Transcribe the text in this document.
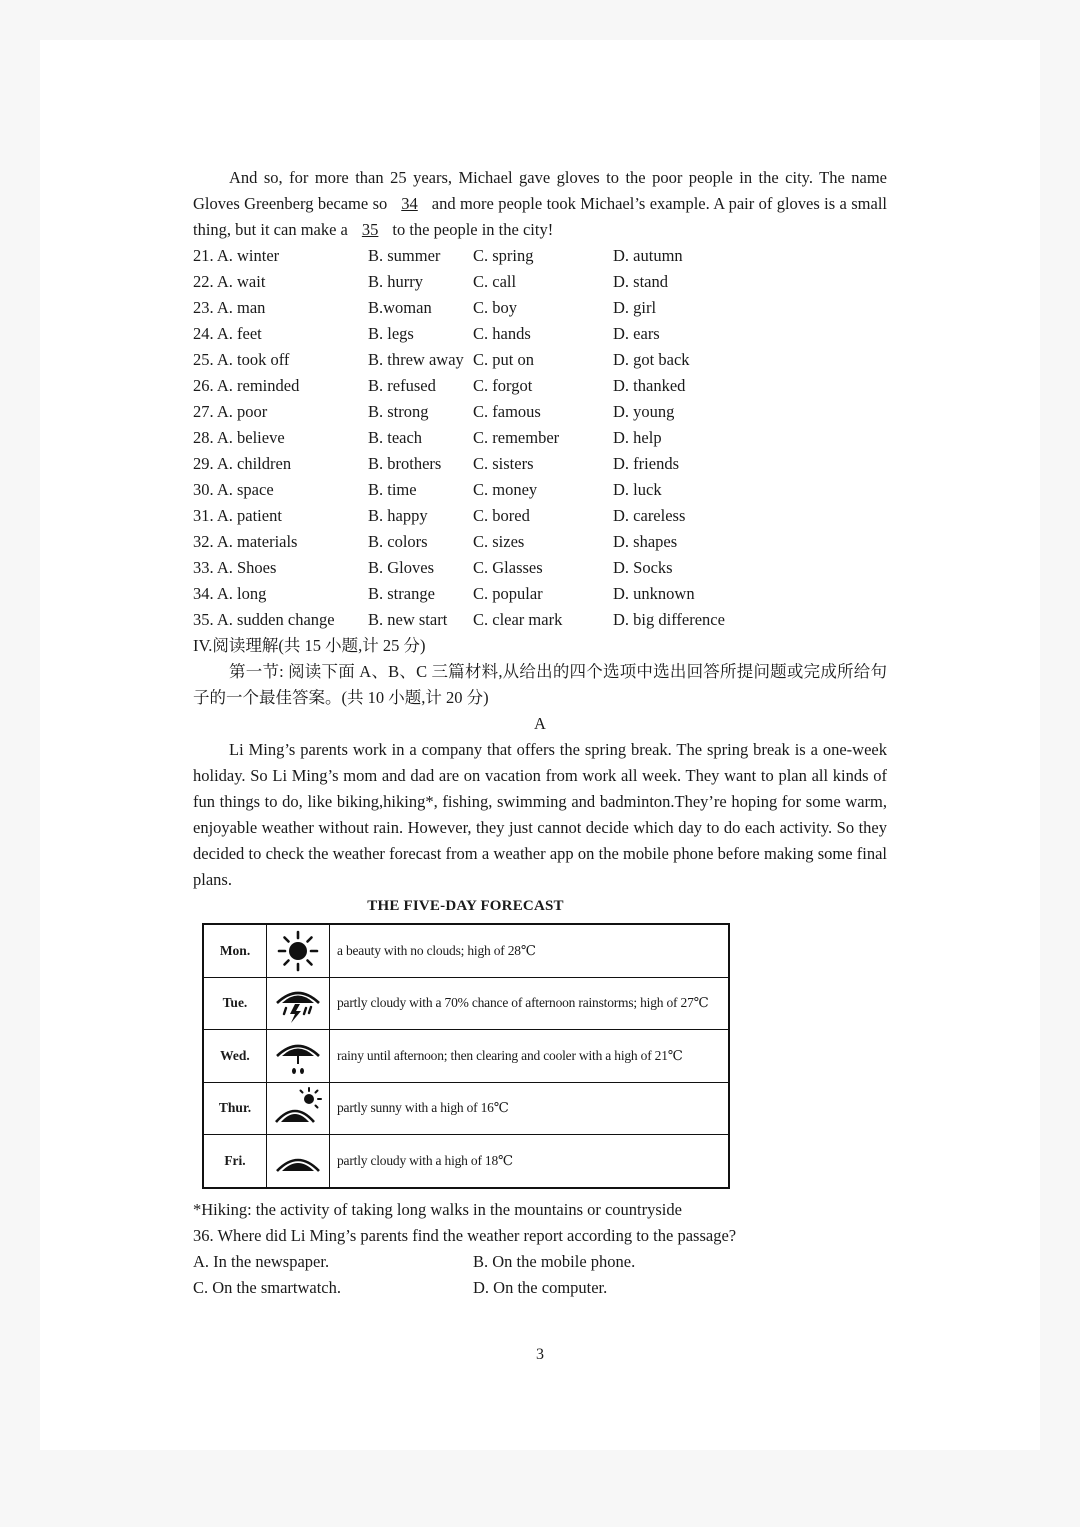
And so, for more than 25 years, Michael gave gloves to the poor people in the city. The name Gloves Greenberg became so 34 and more people took Michael’s example. A pair of gloves is a small thing, but it can make a 35 to the people in the city!

21. A. winter	B. summer	C. spring	D. autumn
22. A. wait	B. hurry	C. call	D. stand
23. A. man	B.woman	C. boy	D. girl
24. A. feet	B. legs	C. hands	D. ears
25. A. took off	B. threw away C. put on	D. got back
26. A. reminded	B. refused	C. forgot	D. thanked
27. A. poor	B. strong	C. famous	D. young
28. A. believe	B. teach	C. remember	D. help
29. A. children	B. brothers	C. sisters	D. friends
30. A. space	B. time	C. money	D. luck
31. A. patient	B. happy	C. bored	D. careless
32. A. materials	B. colors	C. sizes	D. shapes
33. A. Shoes	B. Gloves	C. Glasses	D. Socks
34. A. long	B. strange	C. popular	D. unknown
35. A. sudden change	B. new start	C. clear mark	D. big difference

IV.阅读理解(共 15 小题,计 25 分)

第一节: 阅读下面 A、B、C 三篇材料,从给出的四个选项中选出回答所提问题或完成所给句子的一个最佳答案。(共 10 小题,计 20 分)

A

Li Ming’s parents work in a company that offers the spring break. The spring break is a one-week holiday. So Li Ming’s mom and dad are on vacation from work all week. They want to plan all kinds of fun things to do, like biking,hiking*, fishing, swimming and badminton.They’re hoping for some warm, enjoyable weather without rain. However, they just cannot decide which day to do each activity. So they decided to check the weather forecast from a weather app on the mobile phone before making some final plans.

THE FIVE-DAY FORECAST

Mon.		a beauty with no clouds; high of 28℃
Tue.		partly cloudy with a 70% chance of afternoon rainstorms; high of 27℃
Wed.		rainy until afternoon; then clearing and cooler with a high of 21℃
Thur.		partly sunny with a high of 16℃
Fri.		partly cloudy with a high of 18℃

*Hiking: the activity of taking long walks in the mountains or countryside

36. Where did Li Ming’s parents find the weather report according to the passage?

A. In the newspaper.	B. On the mobile phone.
C. On the smartwatch.	D. On the computer.
3
